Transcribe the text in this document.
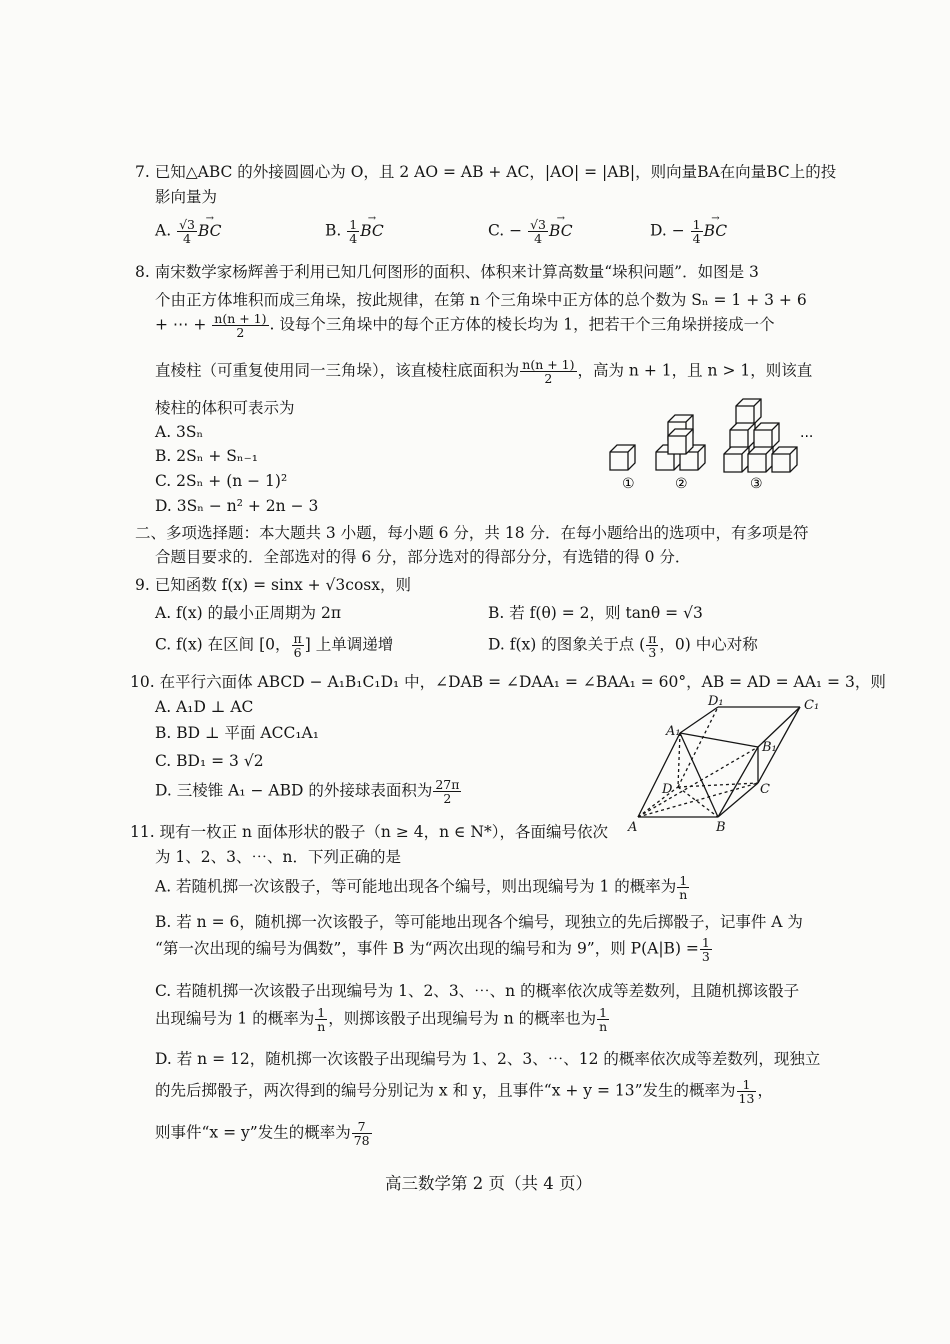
7. 已知△ABC 的外接圆圆心为 O，且 2 AO = AB + AC，|AO| = |AB|，则向量BA在向量BC上的投
影向量为
A. $\frac{√3}{4}$ → BC	B. $\frac{1}{4}$ → BC	C. − $\frac{√3}{4}$ → BC	D. − $\frac{1}{4}$ → BC
8. 南宋数学家杨辉善于利用已知几何图形的面积、体积来计算高数量“垛积问题”．如图是 3
个由正方体堆积而成三角垛，按此规律，在第 n 个三角垛中正方体的总个数为 Sₙ = 1 + 3 + 6
+ ⋯ + $\frac{n(n + 1)}{2}$ . 设每个三角垛中的每个正方体的棱长均为 1，把若干个三角垛拼接成一个
直棱柱（可重复使用同一三角垛），该直棱柱底面积为 $\frac{n(n + 1)}{2}$ ，高为 n + 1，且 n > 1，则该直
棱柱的体积可表示为
A. 3Sₙ
B. 2Sₙ + Sₙ₋₁
C. 2Sₙ + (n − 1)²
D. 3Sₙ − n² + 2n − 3
①	②	③
···
二、多项选择题：本大题共 3 小题，每小题 6 分，共 18 分．在每小题给出的选项中，有多项是符
合题目要求的．全部选对的得 6 分，部分选对的得部分分，有选错的得 0 分．
9. 已知函数 f(x) = sinx + √3cosx，则
A. f(x) 的最小正周期为 2π	B. 若 f(θ) = 2，则 tanθ = √3
C. f(x) 在区间 [0， $\frac{\pi}{6}$ ] 上单调递增	D. f(x) 的图象关于点 ( $\frac{\pi}{3}$ ，0) 中心对称
10. 在平行六面体 ABCD − A₁B₁C₁D₁ 中，∠DAB = ∠DAA₁ = ∠BAA₁ = 60°，AB = AD = AA₁ = 3，则
A. A₁D ⊥ AC
B. BD ⊥ 平面 ACC₁A₁
C. BD₁ = 3 √2
D. 三棱锥 A₁ − ABD 的外接球表面积为 $\frac{27\pi}{2}$
D₁	C₁
A₁
B₁
D	C
A	B
11. 现有一枚正 n 面体形状的骰子（n ≥ 4，n ∈ N*），各面编号依次
为 1、2、3、⋯、n．下列正确的是
A. 若随机掷一次该骰子，等可能地出现各个编号，则出现编号为 1 的概率为 $\frac{1}{n}$
B. 若 n = 6，随机掷一次该骰子，等可能地出现各个编号，现独立的先后掷骰子，记事件 A 为
“第一次出现的编号为偶数”，事件 B 为“两次出现的编号和为 9”，则 $P(A|B) = \frac{1}{3}$
C. 若随机掷一次该骰子出现编号为 1、2、3、⋯、n 的概率依次成等差数列，且随机掷该骰子
出现编号为 1 的概率为 $\frac{1}{n}$ ，则掷该骰子出现编号为 n 的概率也为 $\frac{1}{n}$
D. 若 n = 12，随机掷一次该骰子出现编号为 1、2、3、⋯、12 的概率依次成等差数列，现独立
的先后掷骰子，两次得到的编号分别记为 x 和 y，且事件“x + y = 13”发生的概率为 $\frac{1}{13}$ ，
则事件“x = y”发生的概率为 $\frac{7}{78}$
高三数学第 2 页（共 4 页）
